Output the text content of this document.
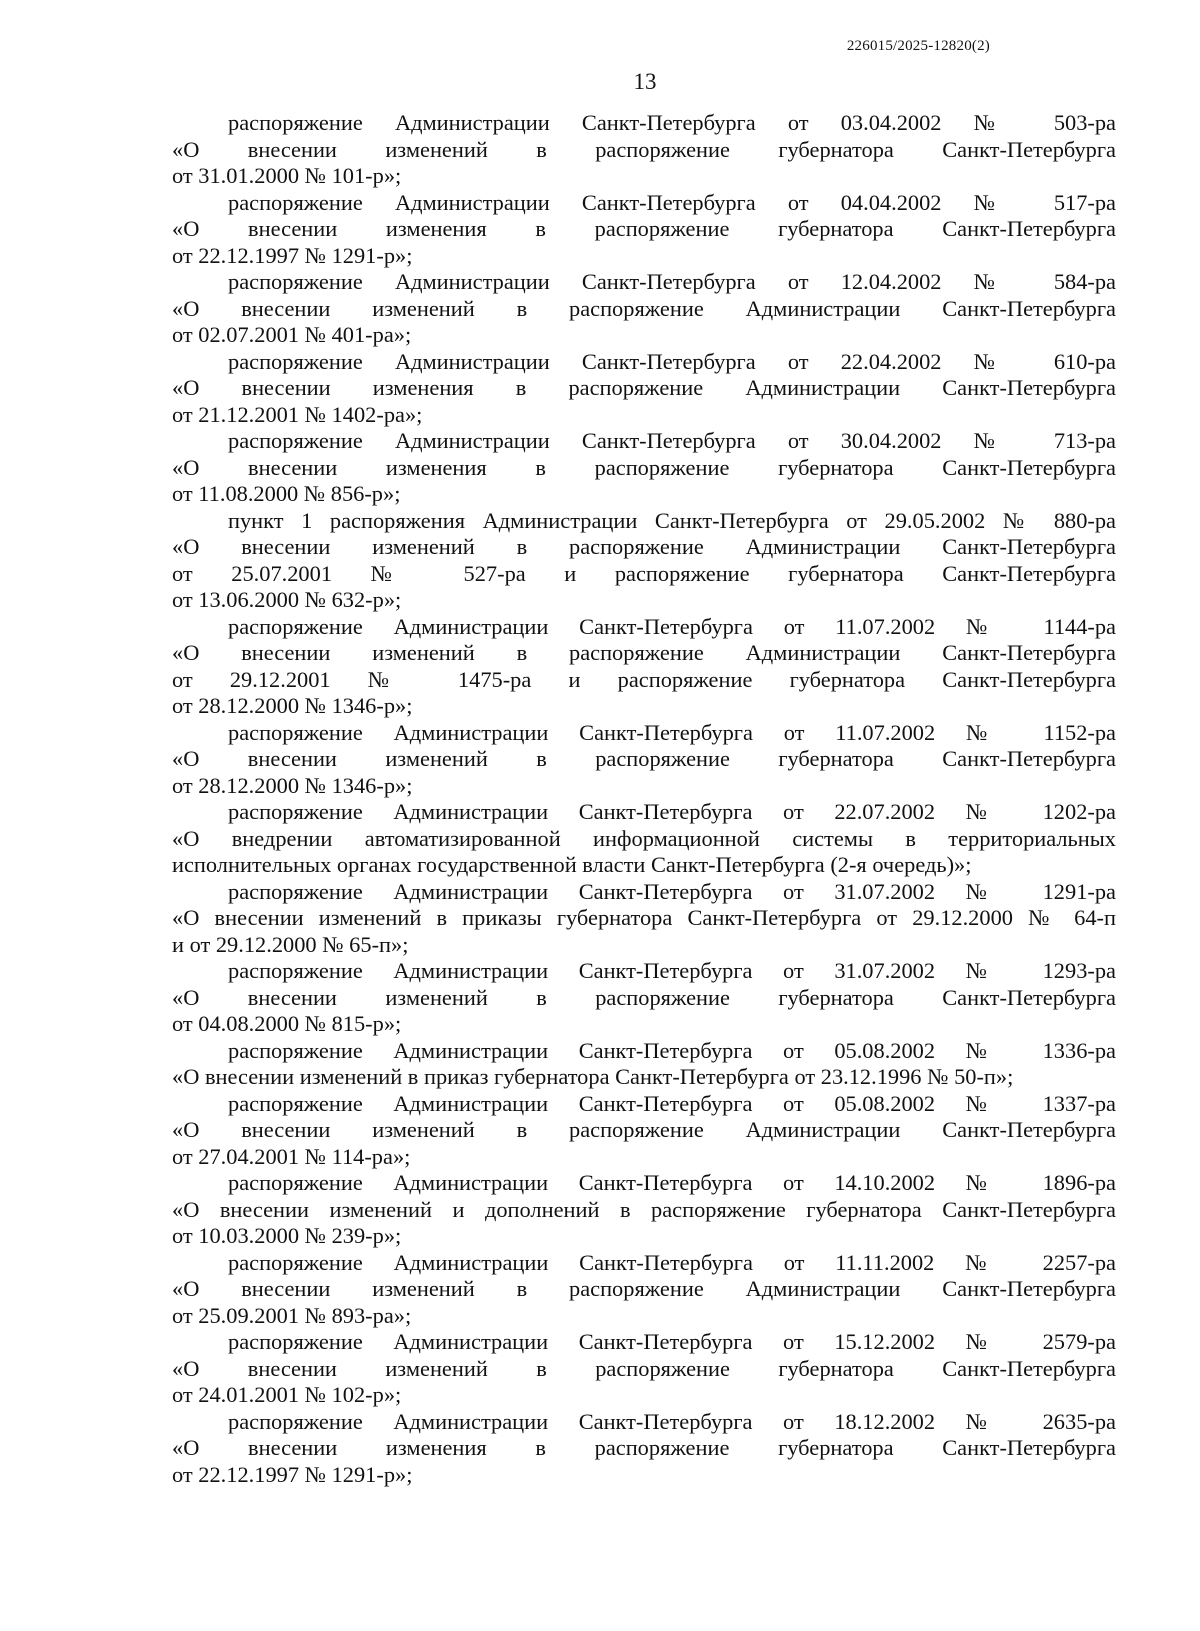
226015/2025-12820(2)
13
распоряжение Администрации Санкт-Петербурга от 03.04.2002 № 503-ра
«О внесении изменений в распоряжение губернатора Санкт-Петербурга
от 31.01.2000 № 101-р»;
распоряжение Администрации Санкт-Петербурга от 04.04.2002 № 517-ра
«О внесении изменения в распоряжение губернатора Санкт-Петербурга
от 22.12.1997 № 1291-р»;
распоряжение Администрации Санкт-Петербурга от 12.04.2002 № 584-ра
«О внесении изменений в распоряжение Администрации Санкт-Петербурга
от 02.07.2001 № 401-ра»;
распоряжение Администрации Санкт-Петербурга от 22.04.2002 № 610-ра
«О внесении изменения в распоряжение Администрации Санкт-Петербурга
от 21.12.2001 № 1402-ра»;
распоряжение Администрации Санкт-Петербурга от 30.04.2002 № 713-ра
«О внесении изменения в распоряжение губернатора Санкт-Петербурга
от 11.08.2000 № 856-р»;
пункт 1 распоряжения Администрации Санкт-Петербурга от 29.05.2002 № 880-ра
«О внесении изменений в распоряжение Администрации Санкт-Петербурга
от 25.07.2001 № 527-ра и распоряжение губернатора Санкт-Петербурга
от 13.06.2000 № 632-р»;
распоряжение Администрации Санкт-Петербурга от 11.07.2002 № 1144-ра
«О внесении изменений в распоряжение Администрации Санкт-Петербурга
от 29.12.2001 № 1475-ра и распоряжение губернатора Санкт-Петербурга
от 28.12.2000 № 1346-р»;
распоряжение Администрации Санкт-Петербурга от 11.07.2002 № 1152-ра
«О внесении изменений в распоряжение губернатора Санкт-Петербурга
от 28.12.2000 № 1346-р»;
распоряжение Администрации Санкт-Петербурга от 22.07.2002 № 1202-ра
«О внедрении автоматизированной информационной системы в территориальных
исполнительных органах государственной власти Санкт-Петербурга (2-я очередь)»;
распоряжение Администрации Санкт-Петербурга от 31.07.2002 № 1291-ра
«О внесении изменений в приказы губернатора Санкт-Петербурга от 29.12.2000 № 64-п
и от 29.12.2000 № 65-п»;
распоряжение Администрации Санкт-Петербурга от 31.07.2002 № 1293-ра
«О внесении изменений в распоряжение губернатора Санкт-Петербурга
от 04.08.2000 № 815-р»;
распоряжение Администрации Санкт-Петербурга от 05.08.2002 № 1336-ра
«О внесении изменений в приказ губернатора Санкт-Петербурга от 23.12.1996 № 50-п»;
распоряжение Администрации Санкт-Петербурга от 05.08.2002 № 1337-ра
«О внесении изменений в распоряжение Администрации Санкт-Петербурга
от 27.04.2001 № 114-ра»;
распоряжение Администрации Санкт-Петербурга от 14.10.2002 № 1896-ра
«О внесении изменений и дополнений в распоряжение губернатора Санкт-Петербурга
от 10.03.2000 № 239-р»;
распоряжение Администрации Санкт-Петербурга от 11.11.2002 № 2257-ра
«О внесении изменений в распоряжение Администрации Санкт-Петербурга
от 25.09.2001 № 893-ра»;
распоряжение Администрации Санкт-Петербурга от 15.12.2002 № 2579-ра
«О внесении изменений в распоряжение губернатора Санкт-Петербурга
от 24.01.2001 № 102-р»;
распоряжение Администрации Санкт-Петербурга от 18.12.2002 № 2635-ра
«О внесении изменения в распоряжение губернатора Санкт-Петербурга
от 22.12.1997 № 1291-р»;
